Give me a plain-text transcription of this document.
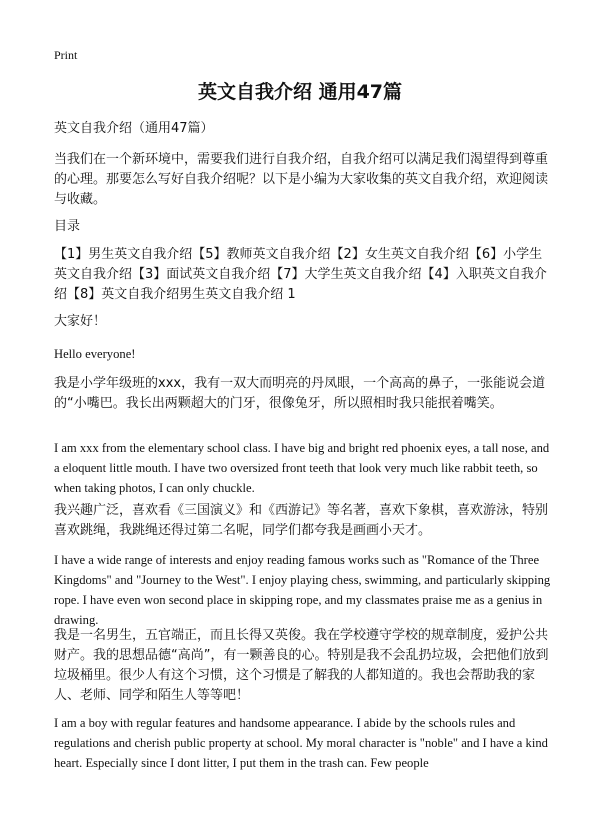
Print
英文自我介绍 通用47篇

英文自我介绍（通用47篇）

当我们在一个新环境中，需要我们进行自我介绍，自我介绍可以满足我们渴望得到尊重的心理。那要怎么写好自我介绍呢？以下是小编为大家收集的英文自我介绍，欢迎阅读与收藏。

目录

【1】男生英文自我介绍【5】教师英文自我介绍【2】女生英文自我介绍【6】小学生英文自我介绍【3】面试英文自我介绍【7】大学生英文自我介绍【4】入职英文自我介绍【8】英文自我介绍男生英文自我介绍 1

大家好！

Hello everyone!

我是小学年级班的xxx，我有一双大而明亮的丹凤眼，一个高高的鼻子，一张能说会道的“小嘴巴。我长出两颗超大的门牙，很像兔牙，所以照相时我只能抿着嘴笑。

I am xxx from the elementary school class. I have big and bright red phoenix eyes, a tall nose, and a eloquent little mouth. I have two oversized front teeth that look very much like rabbit teeth, so when taking photos, I can only chuckle.

我兴趣广泛，喜欢看《三国演义》和《西游记》等名著，喜欢下象棋，喜欢游泳，特别喜欢跳绳，我跳绳还得过第二名呢，同学们都夸我是画画小天才。

I have a wide range of interests and enjoy reading famous works such as "Romance of the Three Kingdoms" and "Journey to the West". I enjoy playing chess, swimming, and particularly skipping rope. I have even won second place in skipping rope, and my classmates praise me as a genius in drawing.

我是一名男生，五官端正，而且长得又英俊。我在学校遵守学校的规章制度，爱护公共财产。我的思想品德“高尚”，有一颗善良的心。特别是我不会乱扔垃圾，会把他们放到垃圾桶里。很少人有这个习惯，这个习惯是了解我的人都知道的。我也会帮助我的家人、老师、同学和陌生人等等吧！

I am a boy with regular features and handsome appearance. I abide by the schools rules and regulations and cherish public property at school. My moral character is "noble" and I have a kind heart. Especially since I dont litter, I put them in the trash can. Few people
